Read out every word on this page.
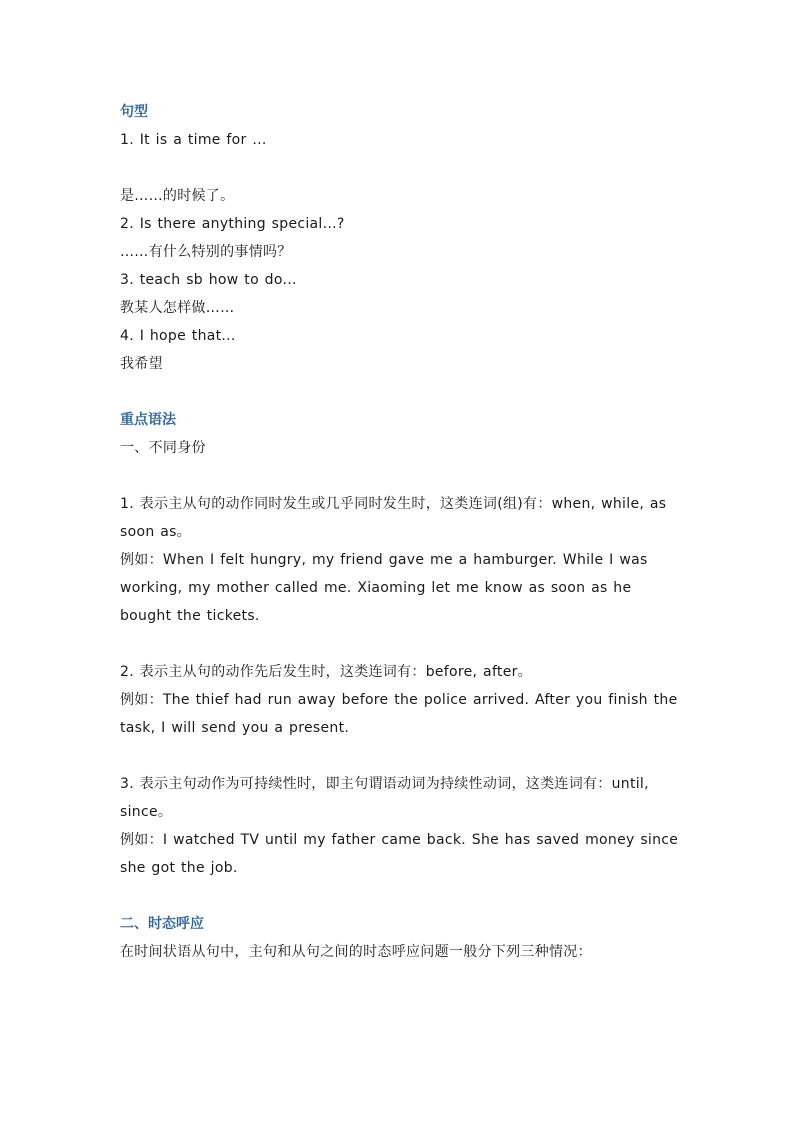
句型
1. It is a time for ...
是……的时候了。
2. Is there anything special...?
……有什么特别的事情吗？
3. teach sb how to do...
教某人怎样做……
4. I hope that...
我希望
重点语法
一、不同身份
1. 表示主从句的动作同时发生或几乎同时发生时，这类连词(组)有：when, while, as soon as。
例如：When I felt hungry, my friend gave me a hamburger. While I was working, my mother called me. Xiaoming let me know as soon as he bought the tickets.
2. 表示主从句的动作先后发生时，这类连词有：before, after。
例如：The thief had run away before the police arrived. After you finish the task, I will send you a present.
3. 表示主句动作为可持续性时，即主句谓语动词为持续性动词，这类连词有：until, since。
例如：I watched TV until my father came back. She has saved money since she got the job.
二、时态呼应
在时间状语从句中，主句和从句之间的时态呼应问题一般分下列三种情况：
